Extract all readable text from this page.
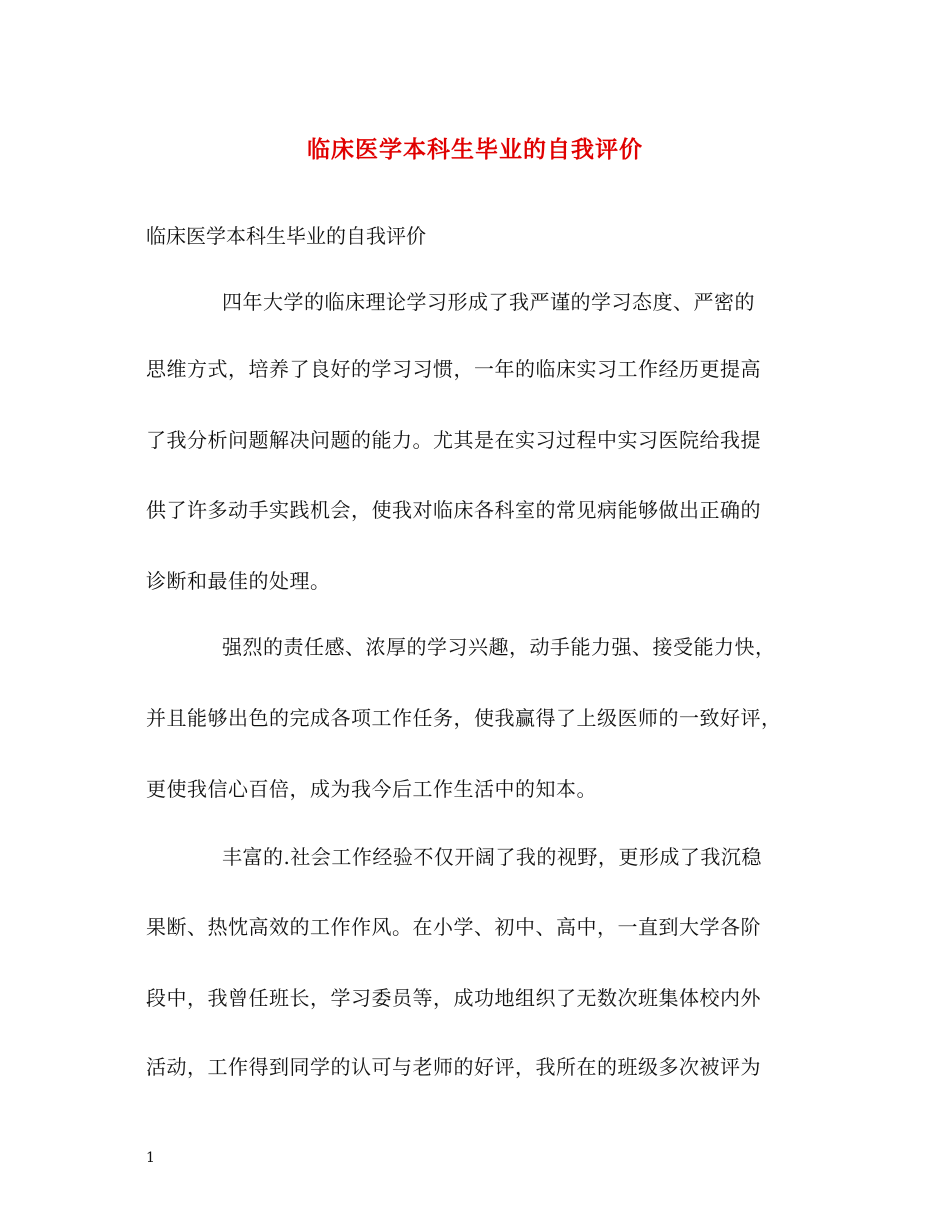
临床医学本科生毕业的自我评价
临床医学本科生毕业的自我评价
四年大学的临床理论学习形成了我严谨的学习态度、严密的
思维方式，培养了良好的学习习惯，一年的临床实习工作经历更提高
了我分析问题解决问题的能力。尤其是在实习过程中实习医院给我提
供了许多动手实践机会，使我对临床各科室的常见病能够做出正确的
诊断和最佳的处理。
强烈的责任感、浓厚的学习兴趣，动手能力强、接受能力快，
并且能够出色的完成各项工作任务，使我赢得了上级医师的一致好评，
更使我信心百倍，成为我今后工作生活中的知本。
丰富的.社会工作经验不仅开阔了我的视野，更形成了我沉稳
果断、热忱高效的工作作风。在小学、初中、高中，一直到大学各阶
段中，我曾任班长，学习委员等，成功地组织了无数次班集体校内外
活动，工作得到同学的认可与老师的好评，我所在的班级多次被评为
1
